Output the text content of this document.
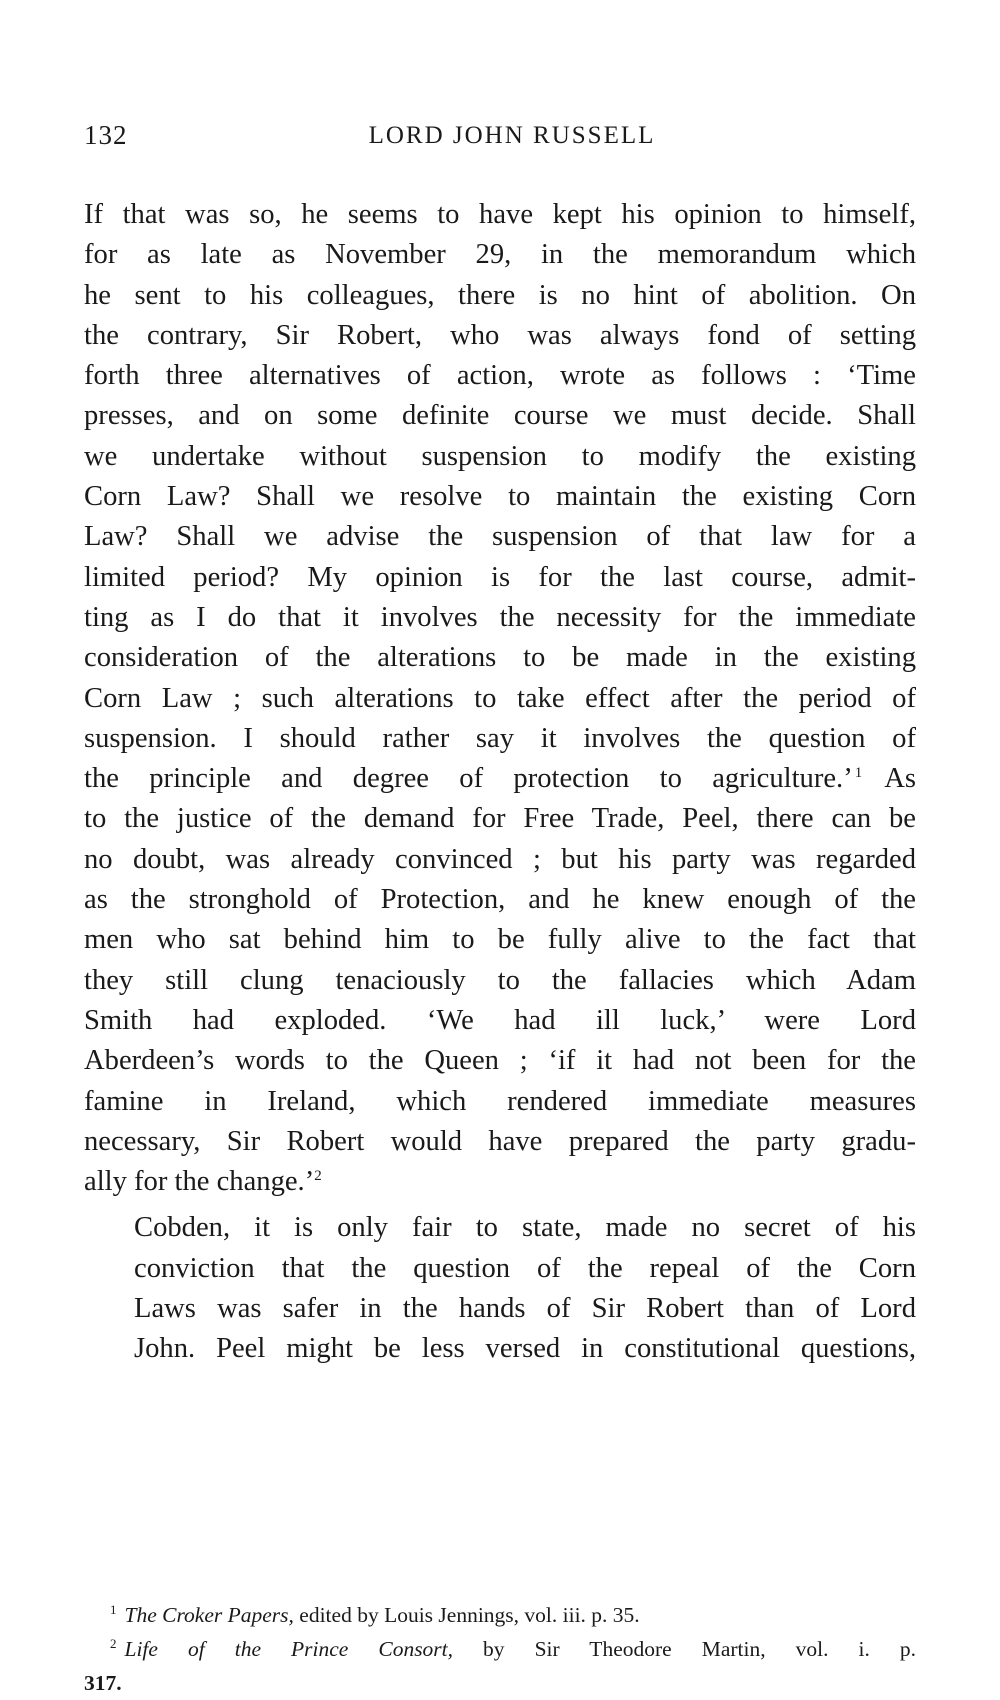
132	LORD JOHN RUSSELL
If that was so, he seems to have kept his opinion to himself,
for as late as November 29, in the memorandum which
he sent to his colleagues, there is no hint of abolition. On
the contrary, Sir Robert, who was always fond of setting
forth three alternatives of action, wrote as follows : ‘Time
presses, and on some definite course we must decide. Shall
we undertake without suspension to modify the existing
Corn Law? Shall we resolve to maintain the existing Corn
Law? Shall we advise the suspension of that law for a
limited period? My opinion is for the last course, admit-
ting as I do that it involves the necessity for the immediate
consideration of the alterations to be made in the existing
Corn Law ; such alterations to take effect after the period of
suspension. I should rather say it involves the question of
the principle and degree of protection to agriculture.’ $^1$ As
to the justice of the demand for Free Trade, Peel, there can be
no doubt, was already convinced ; but his party was regarded
as the stronghold of Protection, and he knew enough of the
men who sat behind him to be fully alive to the fact that
they still clung tenaciously to the fallacies which Adam
Smith had exploded. ‘We had ill luck,’ were Lord
Aberdeen’s words to the Queen ; ‘if it had not been for the
famine in Ireland, which rendered immediate measures
necessary, Sir Robert would have prepared the party gradu-
ally for the change.’$^2$
Cobden, it is only fair to state, made no secret of his
conviction that the question of the repeal of the Corn
Laws was safer in the hands of Sir Robert than of Lord
John. Peel might be less versed in constitutional questions,
$^1$ The Croker Papers, edited by Louis Jennings, vol. iii. p. 35.
$^2$ Life of the Prince Consort, by Sir Theodore Martin, vol. i. p.
317.
